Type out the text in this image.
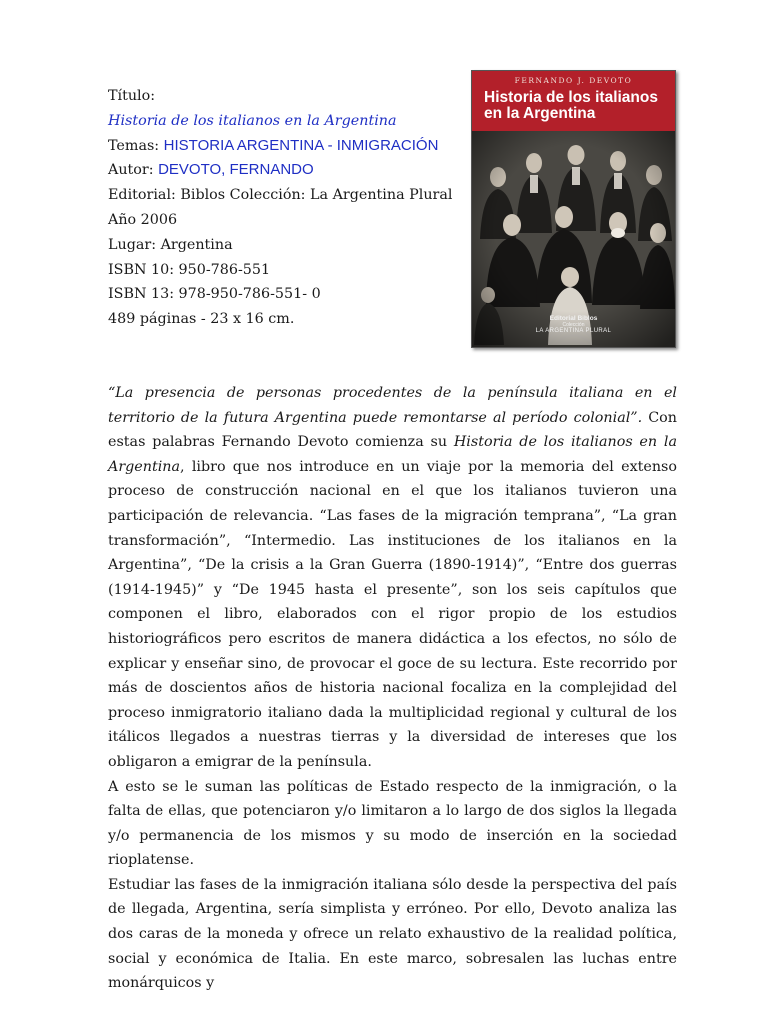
Título:
Historia de los italianos en la Argentina
Temas: HISTORIA ARGENTINA - INMIGRACIÓN
Autor: DEVOTO, FERNANDO
Editorial: Biblos Colección: La Argentina Plural
Año 2006
Lugar: Argentina
ISBN 10: 950-786-551
ISBN 13: 978-950-786-551- 0
489 páginas - 23 x 16 cm.
FERNANDO J. DEVOTO
Historia de los italianos en la Argentina
Editorial Biblos
Colección
LA ARGENTINA PLURAL

“La presencia de personas procedentes de la península italiana en el territorio de la futura Argentina puede remontarse al período colonial”. Con estas palabras Fernando Devoto comienza su Historia de los italianos en la Argentina, libro que nos introduce en un viaje por la memoria del extenso proceso de construcción nacional en el que los italianos tuvieron una participación de relevancia. “Las fases de la migración temprana”, “La gran transformación”, “Intermedio. Las instituciones de los italianos en la Argentina”, “De la crisis a la Gran Guerra (1890-1914)”, “Entre dos guerras (1914-1945)” y “De 1945 hasta el presente”, son los seis capítulos que componen el libro, elaborados con el rigor propio de los estudios historiográficos pero escritos de manera didáctica a los efectos, no sólo de explicar y enseñar sino, de provocar el goce de su lectura. Este recorrido por más de doscientos años de historia nacional focaliza en la complejidad del proceso inmigratorio italiano dada la multiplicidad regional y cultural de los itálicos llegados a nuestras tierras y la diversidad de intereses que los obligaron a emigrar de la península.

A esto se le suman las políticas de Estado respecto de la inmigración, o la falta de ellas, que potenciaron y/o limitaron a lo largo de dos siglos la llegada y/o permanencia de los mismos y su modo de inserción en la sociedad rioplatense.

Estudiar las fases de la inmigración italiana sólo desde la perspectiva del país de llegada, Argentina, sería simplista y erróneo. Por ello, Devoto analiza las dos caras de la moneda y ofrece un relato exhaustivo de la realidad política, social y económica de Italia. En este marco, sobresalen las luchas entre monárquicos y
